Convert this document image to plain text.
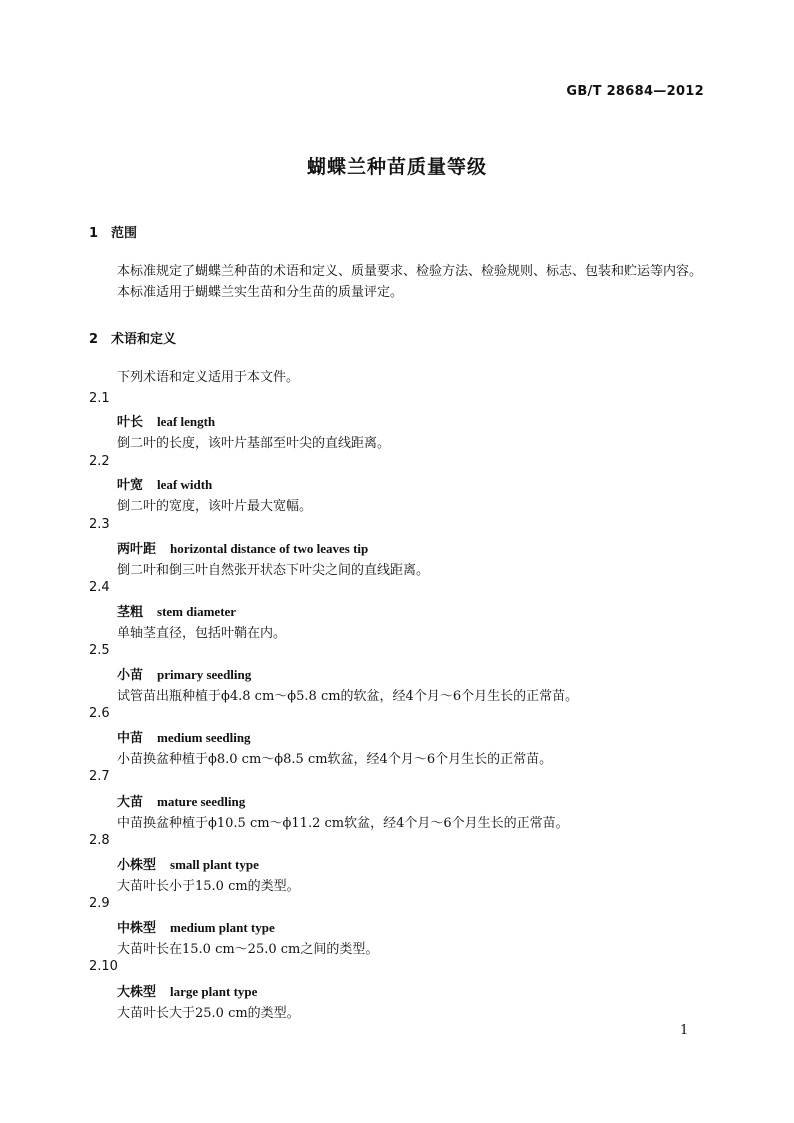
GB/T 28684—2012
蝴蝶兰种苗质量等级
1 范围
本标准规定了蝴蝶兰种苗的术语和定义、质量要求、检验方法、检验规则、标志、包装和贮运等内容。
本标准适用于蝴蝶兰实生苗和分生苗的质量评定。
2 术语和定义
下列术语和定义适用于本文件。
2.1
叶长 leaf length
倒二叶的长度，该叶片基部至叶尖的直线距离。
2.2
叶宽 leaf width
倒二叶的宽度，该叶片最大宽幅。
2.3
两叶距 horizontal distance of two leaves tip
倒二叶和倒三叶自然张开状态下叶尖之间的直线距离。
2.4
茎粗 stem diameter
单轴茎直径，包括叶鞘在内。
2.5
小苗 primary seedling
试管苗出瓶种植于ϕ4.8 cm～ϕ5.8 cm的软盆，经4个月～6个月生长的正常苗。
2.6
中苗 medium seedling
小苗换盆种植于ϕ8.0 cm～ϕ8.5 cm软盆，经4个月～6个月生长的正常苗。
2.7
大苗 mature seedling
中苗换盆种植于ϕ10.5 cm～ϕ11.2 cm软盆，经4个月～6个月生长的正常苗。
2.8
小株型 small plant type
大苗叶长小于15.0 cm的类型。
2.9
中株型 medium plant type
大苗叶长在15.0 cm～25.0 cm之间的类型。
2.10
大株型 large plant type
大苗叶长大于25.0 cm的类型。
1
